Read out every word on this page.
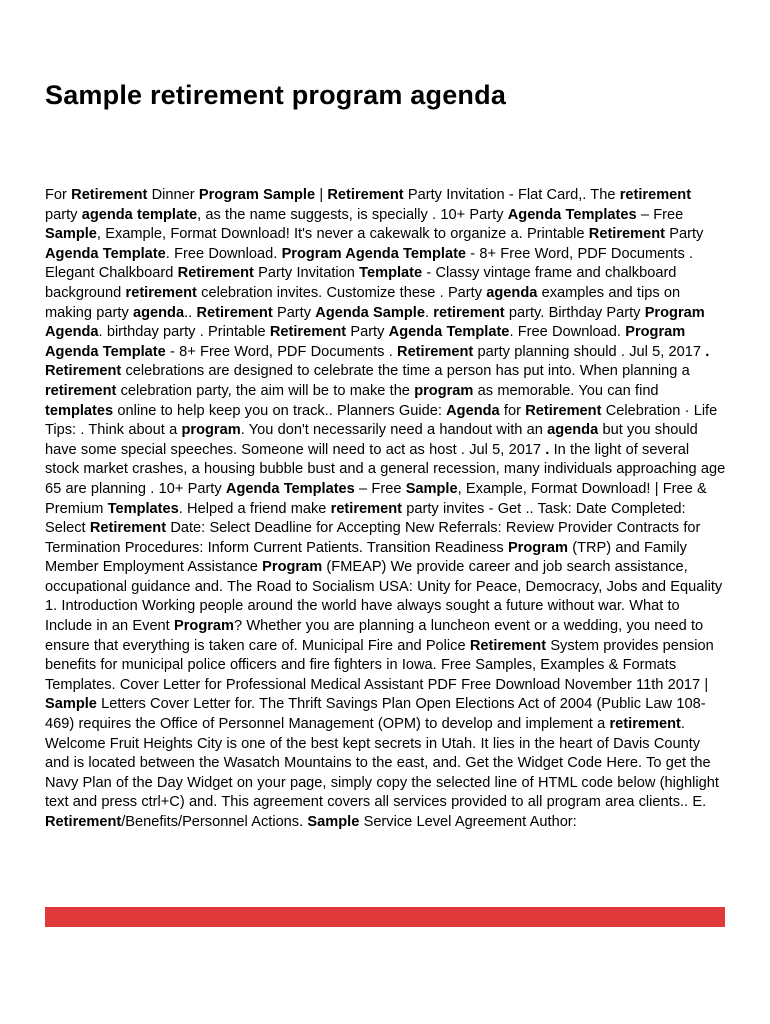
Sample retirement program agenda

For Retirement Dinner Program Sample | Retirement Party Invitation - Flat Card,. The retirement party agenda template, as the name suggests, is specially . 10+ Party Agenda Templates – Free Sample, Example, Format Download! It's never a cakewalk to organize a. Printable Retirement Party Agenda Template. Free Download. Program Agenda Template - 8+ Free Word, PDF Documents . Elegant Chalkboard Retirement Party Invitation Template - Classy vintage frame and chalkboard background retirement celebration invites. Customize these . Party agenda examples and tips on making party agenda.. Retirement Party Agenda Sample. retirement party. Birthday Party Program Agenda. birthday party . Printable Retirement Party Agenda Template. Free Download. Program Agenda Template - 8+ Free Word, PDF Documents . Retirement party planning should . Jul 5, 2017 . Retirement celebrations are designed to celebrate the time a person has put into. When planning a retirement celebration party, the aim will be to make the program as memorable. You can find templates online to help keep you on track.. Planners Guide: Agenda for Retirement Celebration · Life Tips: . Think about a program. You don't necessarily need a handout with an agenda but you should have some special speeches. Someone will need to act as host . Jul 5, 2017 . In the light of several stock market crashes, a housing bubble bust and a general recession, many individuals approaching age 65 are planning . 10+ Party Agenda Templates – Free Sample, Example, Format Download! | Free & Premium Templates. Helped a friend make retirement party invites - Get .. Task: Date Completed: Select Retirement Date: Select Deadline for Accepting New Referrals: Review Provider Contracts for Termination Procedures: Inform Current Patients. Transition Readiness Program (TRP) and Family Member Employment Assistance Program (FMEAP) We provide career and job search assistance, occupational guidance and. The Road to Socialism USA: Unity for Peace, Democracy, Jobs and Equality 1. Introduction Working people around the world have always sought a future without war. What to Include in an Event Program? Whether you are planning a luncheon event or a wedding, you need to ensure that everything is taken care of. Municipal Fire and Police Retirement System provides pension benefits for municipal police officers and fire fighters in Iowa. Free Samples, Examples & Formats Templates. Cover Letter for Professional Medical Assistant PDF Free Download November 11th 2017 | Sample Letters Cover Letter for. The Thrift Savings Plan Open Elections Act of 2004 (Public Law 108-469) requires the Office of Personnel Management (OPM) to develop and implement a retirement. Welcome Fruit Heights City is one of the best kept secrets in Utah. It lies in the heart of Davis County and is located between the Wasatch Mountains to the east, and. Get the Widget Code Here. To get the Navy Plan of the Day Widget on your page, simply copy the selected line of HTML code below (highlight text and press ctrl+C) and. This agreement covers all services provided to all program area clients.. E. Retirement/Benefits/Personnel Actions. Sample Service Level Agreement Author:
